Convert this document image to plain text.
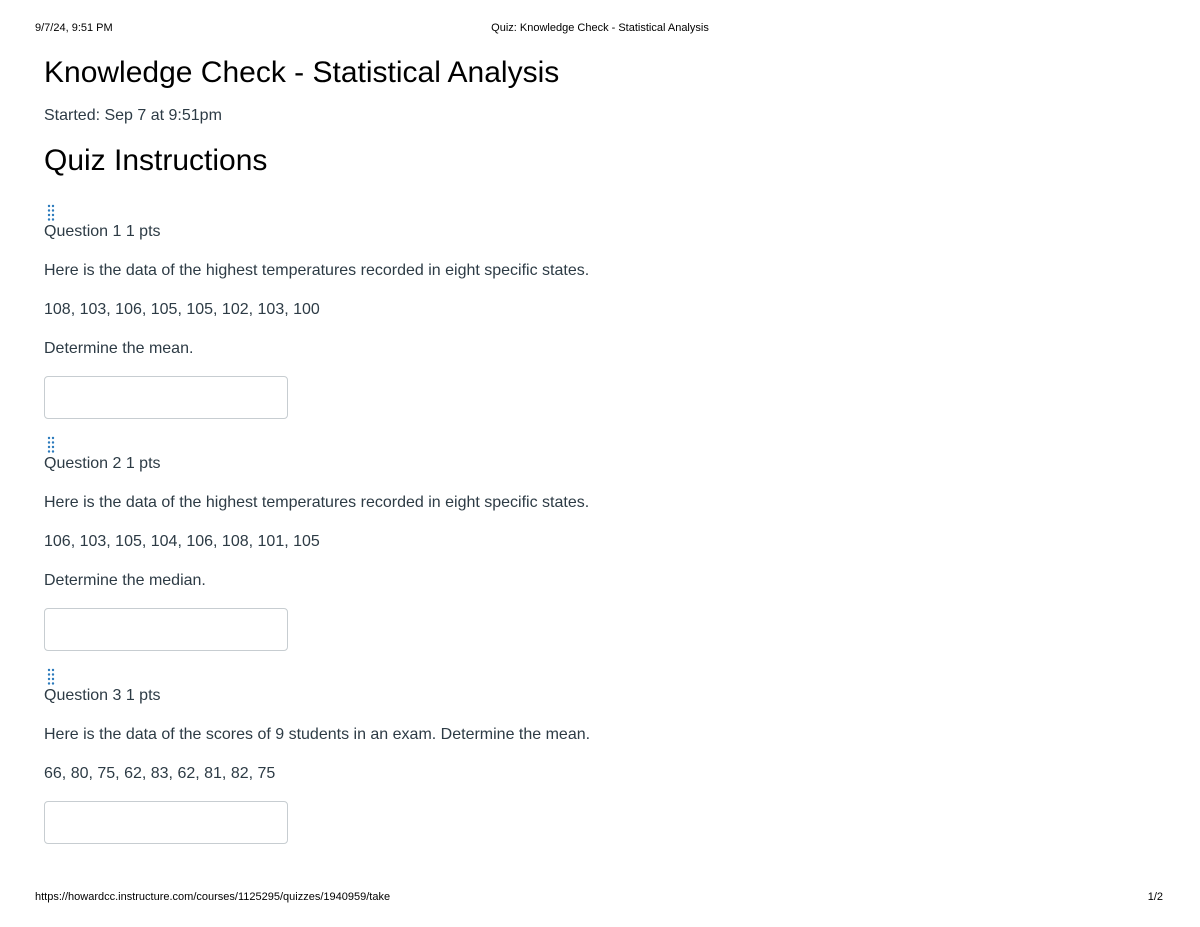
9/7/24, 9:51 PM	Quiz: Knowledge Check - Statistical Analysis
Knowledge Check - Statistical Analysis
Started: Sep 7 at 9:51pm
Quiz Instructions
Question 1 1 pts
Here is the data of the highest temperatures recorded in eight specific states.
108, 103, 106, 105, 105, 102, 103, 100
Determine the mean.
Question 2 1 pts
Here is the data of the highest temperatures recorded in eight specific states.
106, 103, 105, 104, 106, 108, 101, 105
Determine the median.
Question 3 1 pts
Here is the data of the scores of 9 students in an exam. Determine the mean.
66, 80, 75, 62, 83, 62, 81, 82, 75
https://howardcc.instructure.com/courses/1125295/quizzes/1940959/take	1/2
